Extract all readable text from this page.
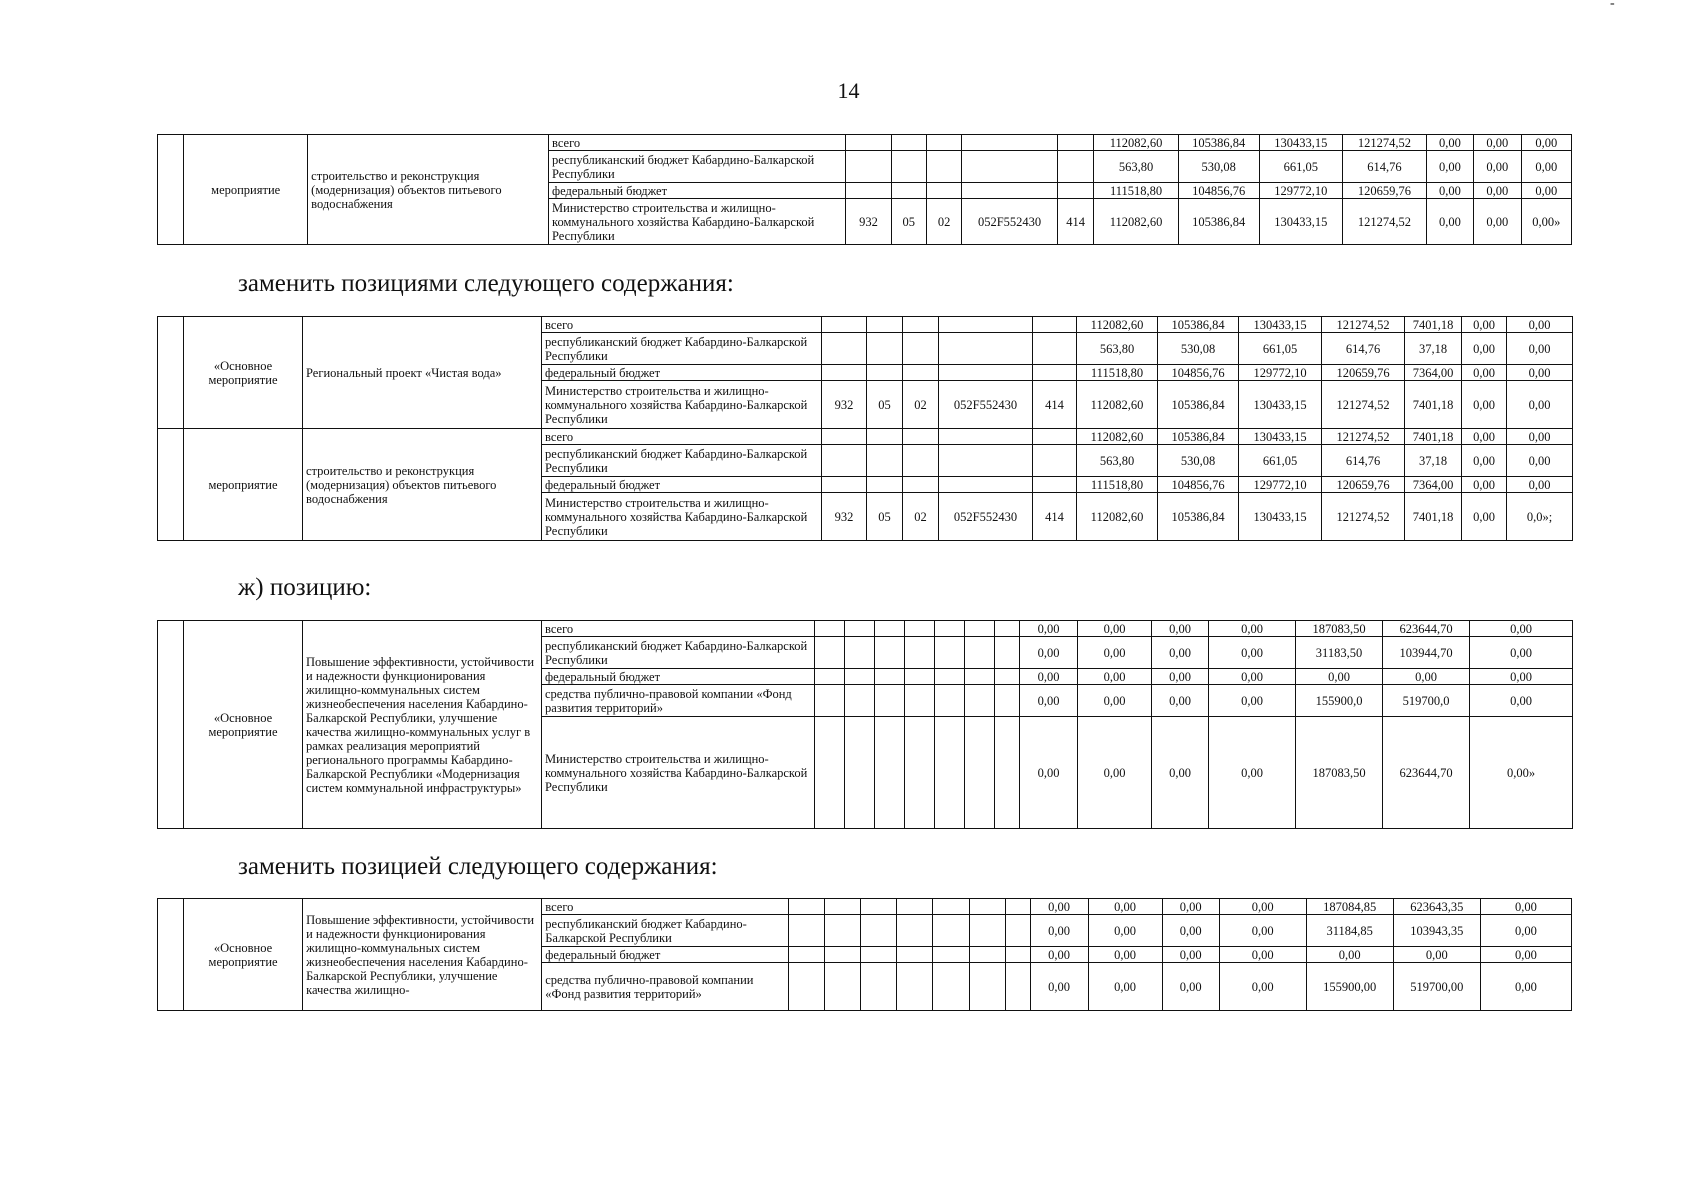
-
14
	мероприятие	строительство и реконструкция (модернизация) объектов питьевого водоснабжения	всего						112082,60	105386,84	130433,15	121274,52	0,00	0,00	0,00
			республиканский бюджет Кабардино-Балкарской Республики						563,80	530,08	661,05	614,76	0,00	0,00	0,00
			федеральный бюджет						111518,80	104856,76	129772,10	120659,76	0,00	0,00	0,00
			Министерство строительства и жилищно-коммунального хозяйства Кабардино-Балкарской Республики	932	05	02	052F552430	414	112082,60	105386,84	130433,15	121274,52	0,00	0,00	0,00»
заменить позициями следующего содержания:
	«Основное мероприятие	Региональный проект «Чистая вода»	всего						112082,60	105386,84	130433,15	121274,52	7401,18	0,00	0,00
			республиканский бюджет Кабардино-Балкарской Республики						563,80	530,08	661,05	614,76	37,18	0,00	0,00
			федеральный бюджет						111518,80	104856,76	129772,10	120659,76	7364,00	0,00	0,00
			Министерство строительства и жилищно-коммунального хозяйства Кабардино-Балкарской Республики	932	05	02	052F552430	414	112082,60	105386,84	130433,15	121274,52	7401,18	0,00	0,00
	мероприятие	строительство и реконструкция (модернизация) объектов питьевого водоснабжения	всего						112082,60	105386,84	130433,15	121274,52	7401,18	0,00	0,00
			республиканский бюджет Кабардино-Балкарской Республики						563,80	530,08	661,05	614,76	37,18	0,00	0,00
			федеральный бюджет						111518,80	104856,76	129772,10	120659,76	7364,00	0,00	0,00
			Министерство строительства и жилищно-коммунального хозяйства Кабардино-Балкарской Республики	932	05	02	052F552430	414	112082,60	105386,84	130433,15	121274,52	7401,18	0,00	0,0»;
ж) позицию:
	«Основное мероприятие	Повышение эффективности, устойчивости и надежности функционирования жилищно-коммунальных систем жизнеобеспечения населения Кабардино-Балкарской Республики, улучшение качества жилищно-коммунальных услуг в рамках реализация мероприятий регионального программы Кабардино-Балкарской Республики «Модернизация систем коммунальной инфраструктуры»	всего								0,00	0,00	0,00	0,00	187083,50	623644,70	0,00
			республиканский бюджет Кабардино-Балкарской Республики								0,00	0,00	0,00	0,00	31183,50	103944,70	0,00
			федеральный бюджет								0,00	0,00	0,00	0,00	0,00	0,00	0,00
			средства публично-правовой компании «Фонд развития территорий»								0,00	0,00	0,00	0,00	155900,0	519700,0	0,00
			Министерство строительства и жилищно-коммунального хозяйства Кабардино-Балкарской Республики								0,00	0,00	0,00	0,00	187083,50	623644,70	0,00»
заменить позицией следующего содержания:
	«Основное мероприятие	Повышение эффективности, устойчивости и надежности функционирования жилищно-коммунальных систем жизнеобеспечения населения Кабардино-Балкарской Республики, улучшение качества жилищно-	всего								0,00	0,00	0,00	0,00	187084,85	623643,35	0,00
			республиканский бюджет Кабардино-Балкарской Республики								0,00	0,00	0,00	0,00	31184,85	103943,35	0,00
			федеральный бюджет								0,00	0,00	0,00	0,00	0,00	0,00	0,00
			средства публично-правовой компании «Фонд развития территорий»								0,00	0,00	0,00	0,00	155900,00	519700,00	0,00
